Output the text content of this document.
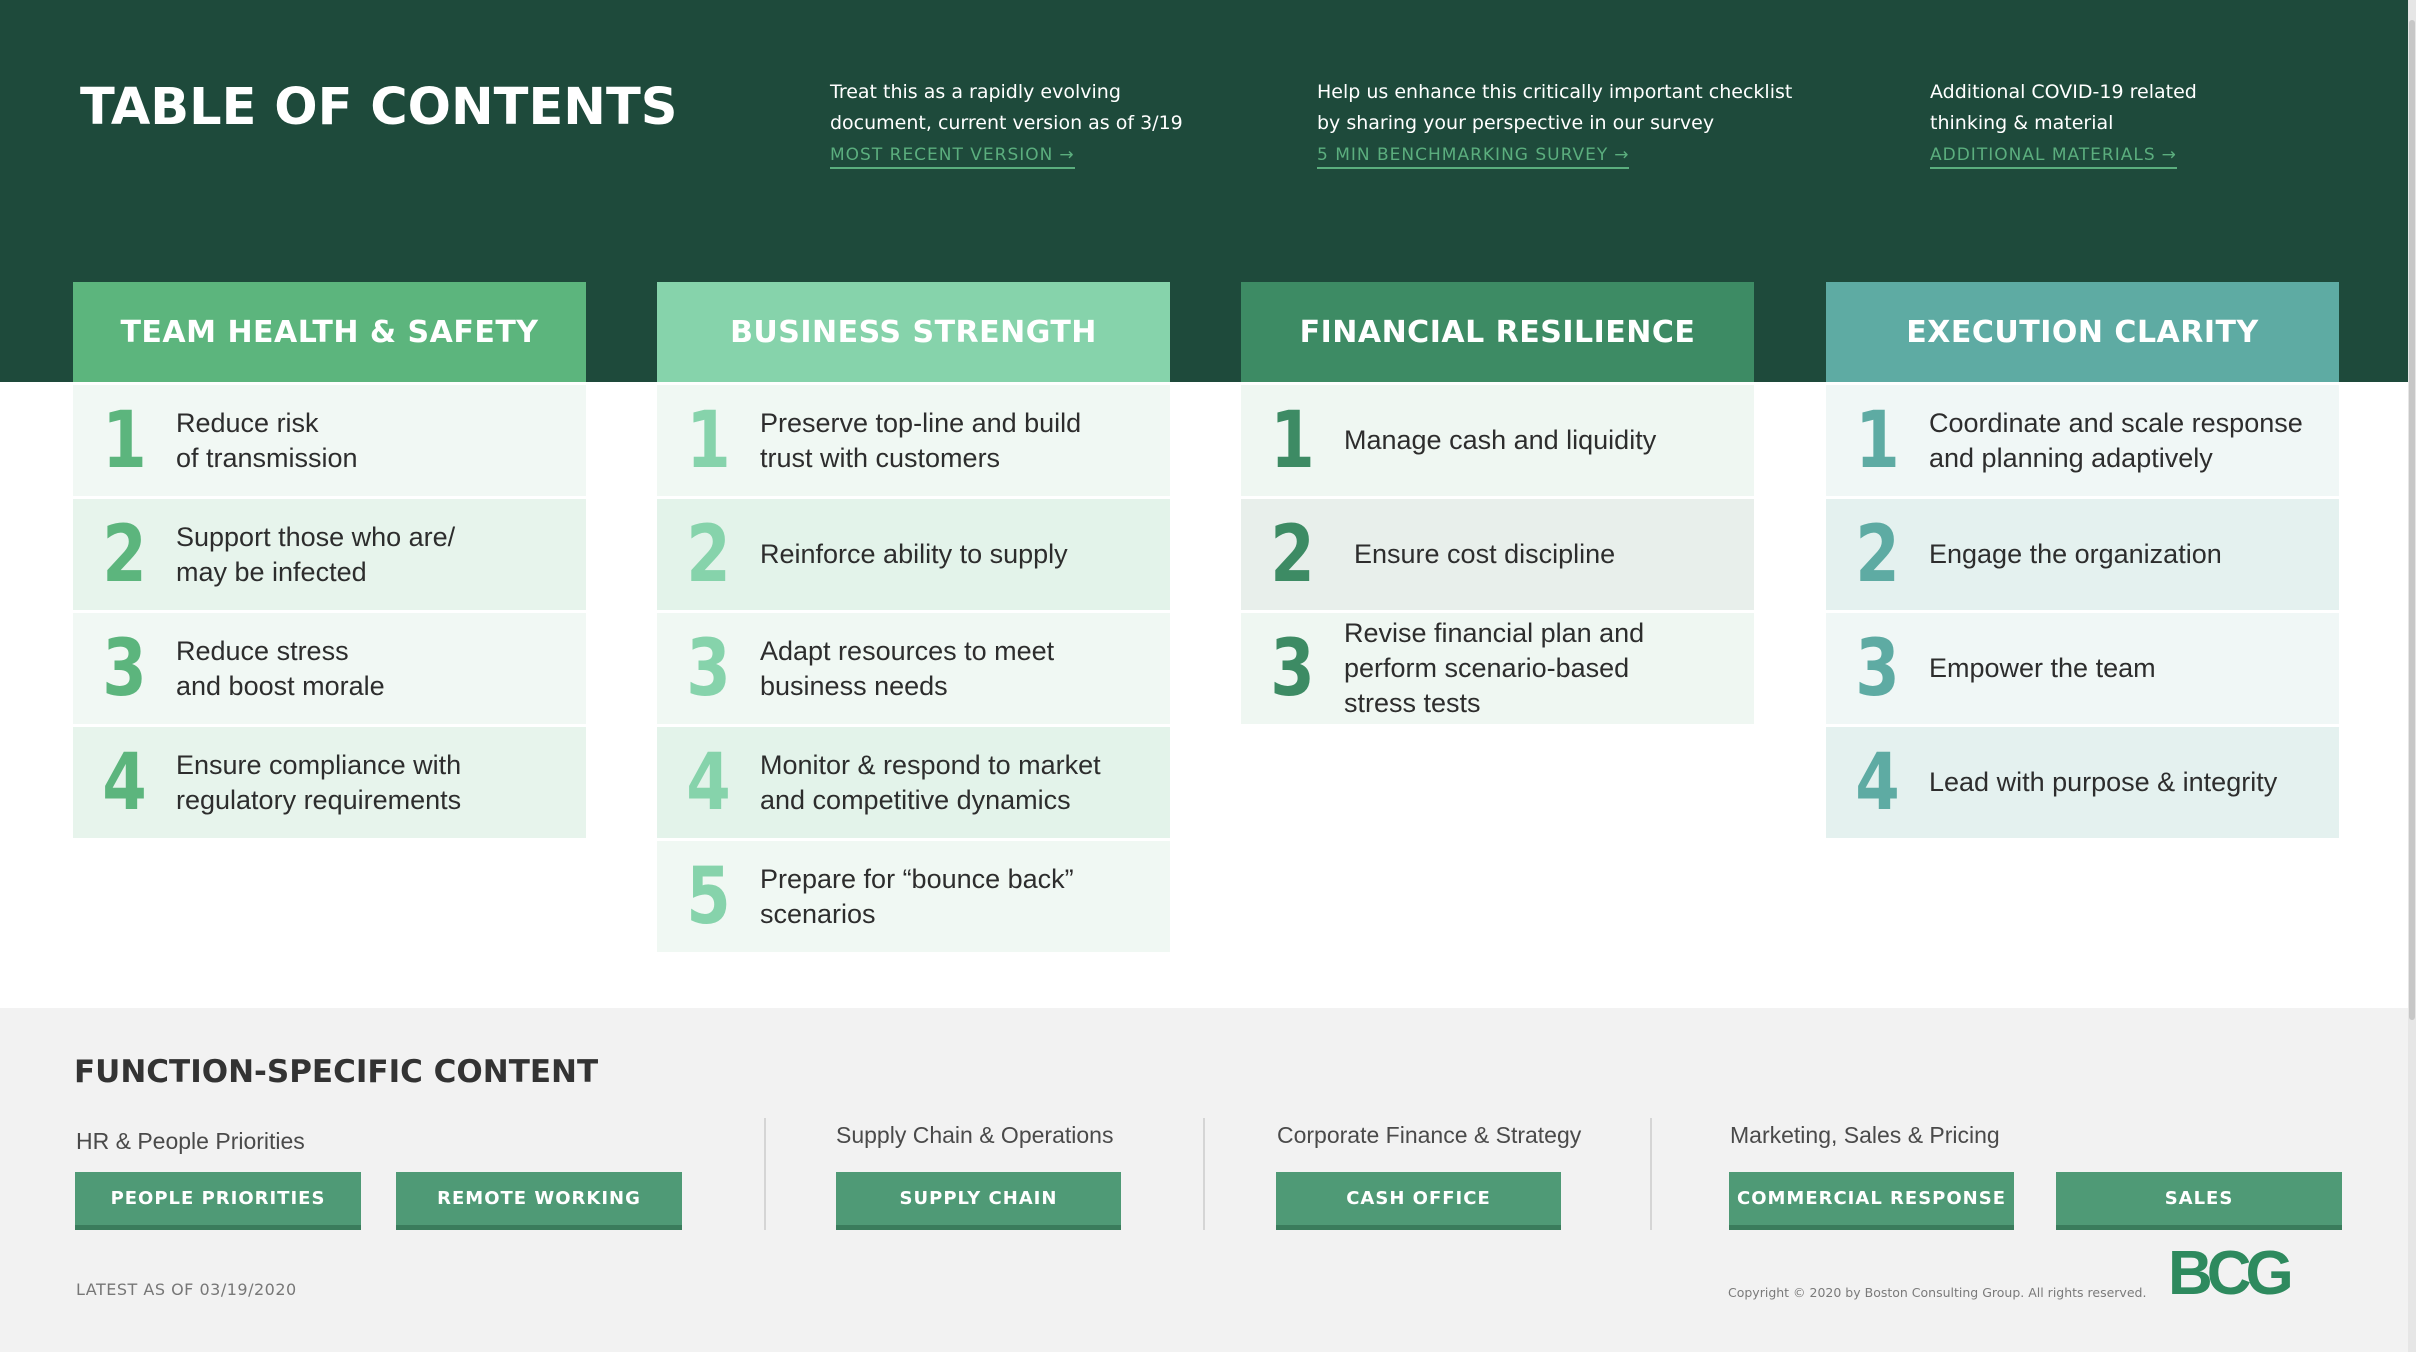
TABLE OF CONTENTS	Treat this as a rapidly evolving
document, current version as of 3/19
MOST RECENT VERSION →
Help us enhance this critically important checklist
by sharing your perspective in our survey
5 MIN BENCHMARKING SURVEY →
Additional COVID-19 related
thinking & material
ADDITIONAL MATERIALS →
TEAM HEALTH & SAFETY
1	Reduce risk
of transmission
2	Support those who are/
may be infected
3	Reduce stress
and boost morale
4	Ensure compliance with
regulatory requirements
BUSINESS STRENGTH
1	Preserve top-line and build
trust with customers
2	Reinforce ability to supply
3	Adapt resources to meet
business needs
4	Monitor & respond to market
and competitive dynamics
5	Prepare for “bounce back”
scenarios
FINANCIAL RESILIENCE
1	Manage cash and liquidity
2	Ensure cost discipline
3	Revise financial plan and
perform scenario-based
stress tests
EXECUTION CLARITY
1	Coordinate and scale response
and planning adaptively
2	Engage the organization
3	Empower the team
4	Lead with purpose & integrity
FUNCTION-SPECIFIC CONTENT
HR & People Priorities
PEOPLE PRIORITIES	REMOTE WORKING
Supply Chain & Operations
SUPPLY CHAIN
Corporate Finance & Strategy
CASH OFFICE
Marketing, Sales & Pricing
COMMERCIAL RESPONSE	SALES
LATEST AS OF 03/19/2020	Copyright © 2020 by Boston Consulting Group. All rights reserved. BCG
